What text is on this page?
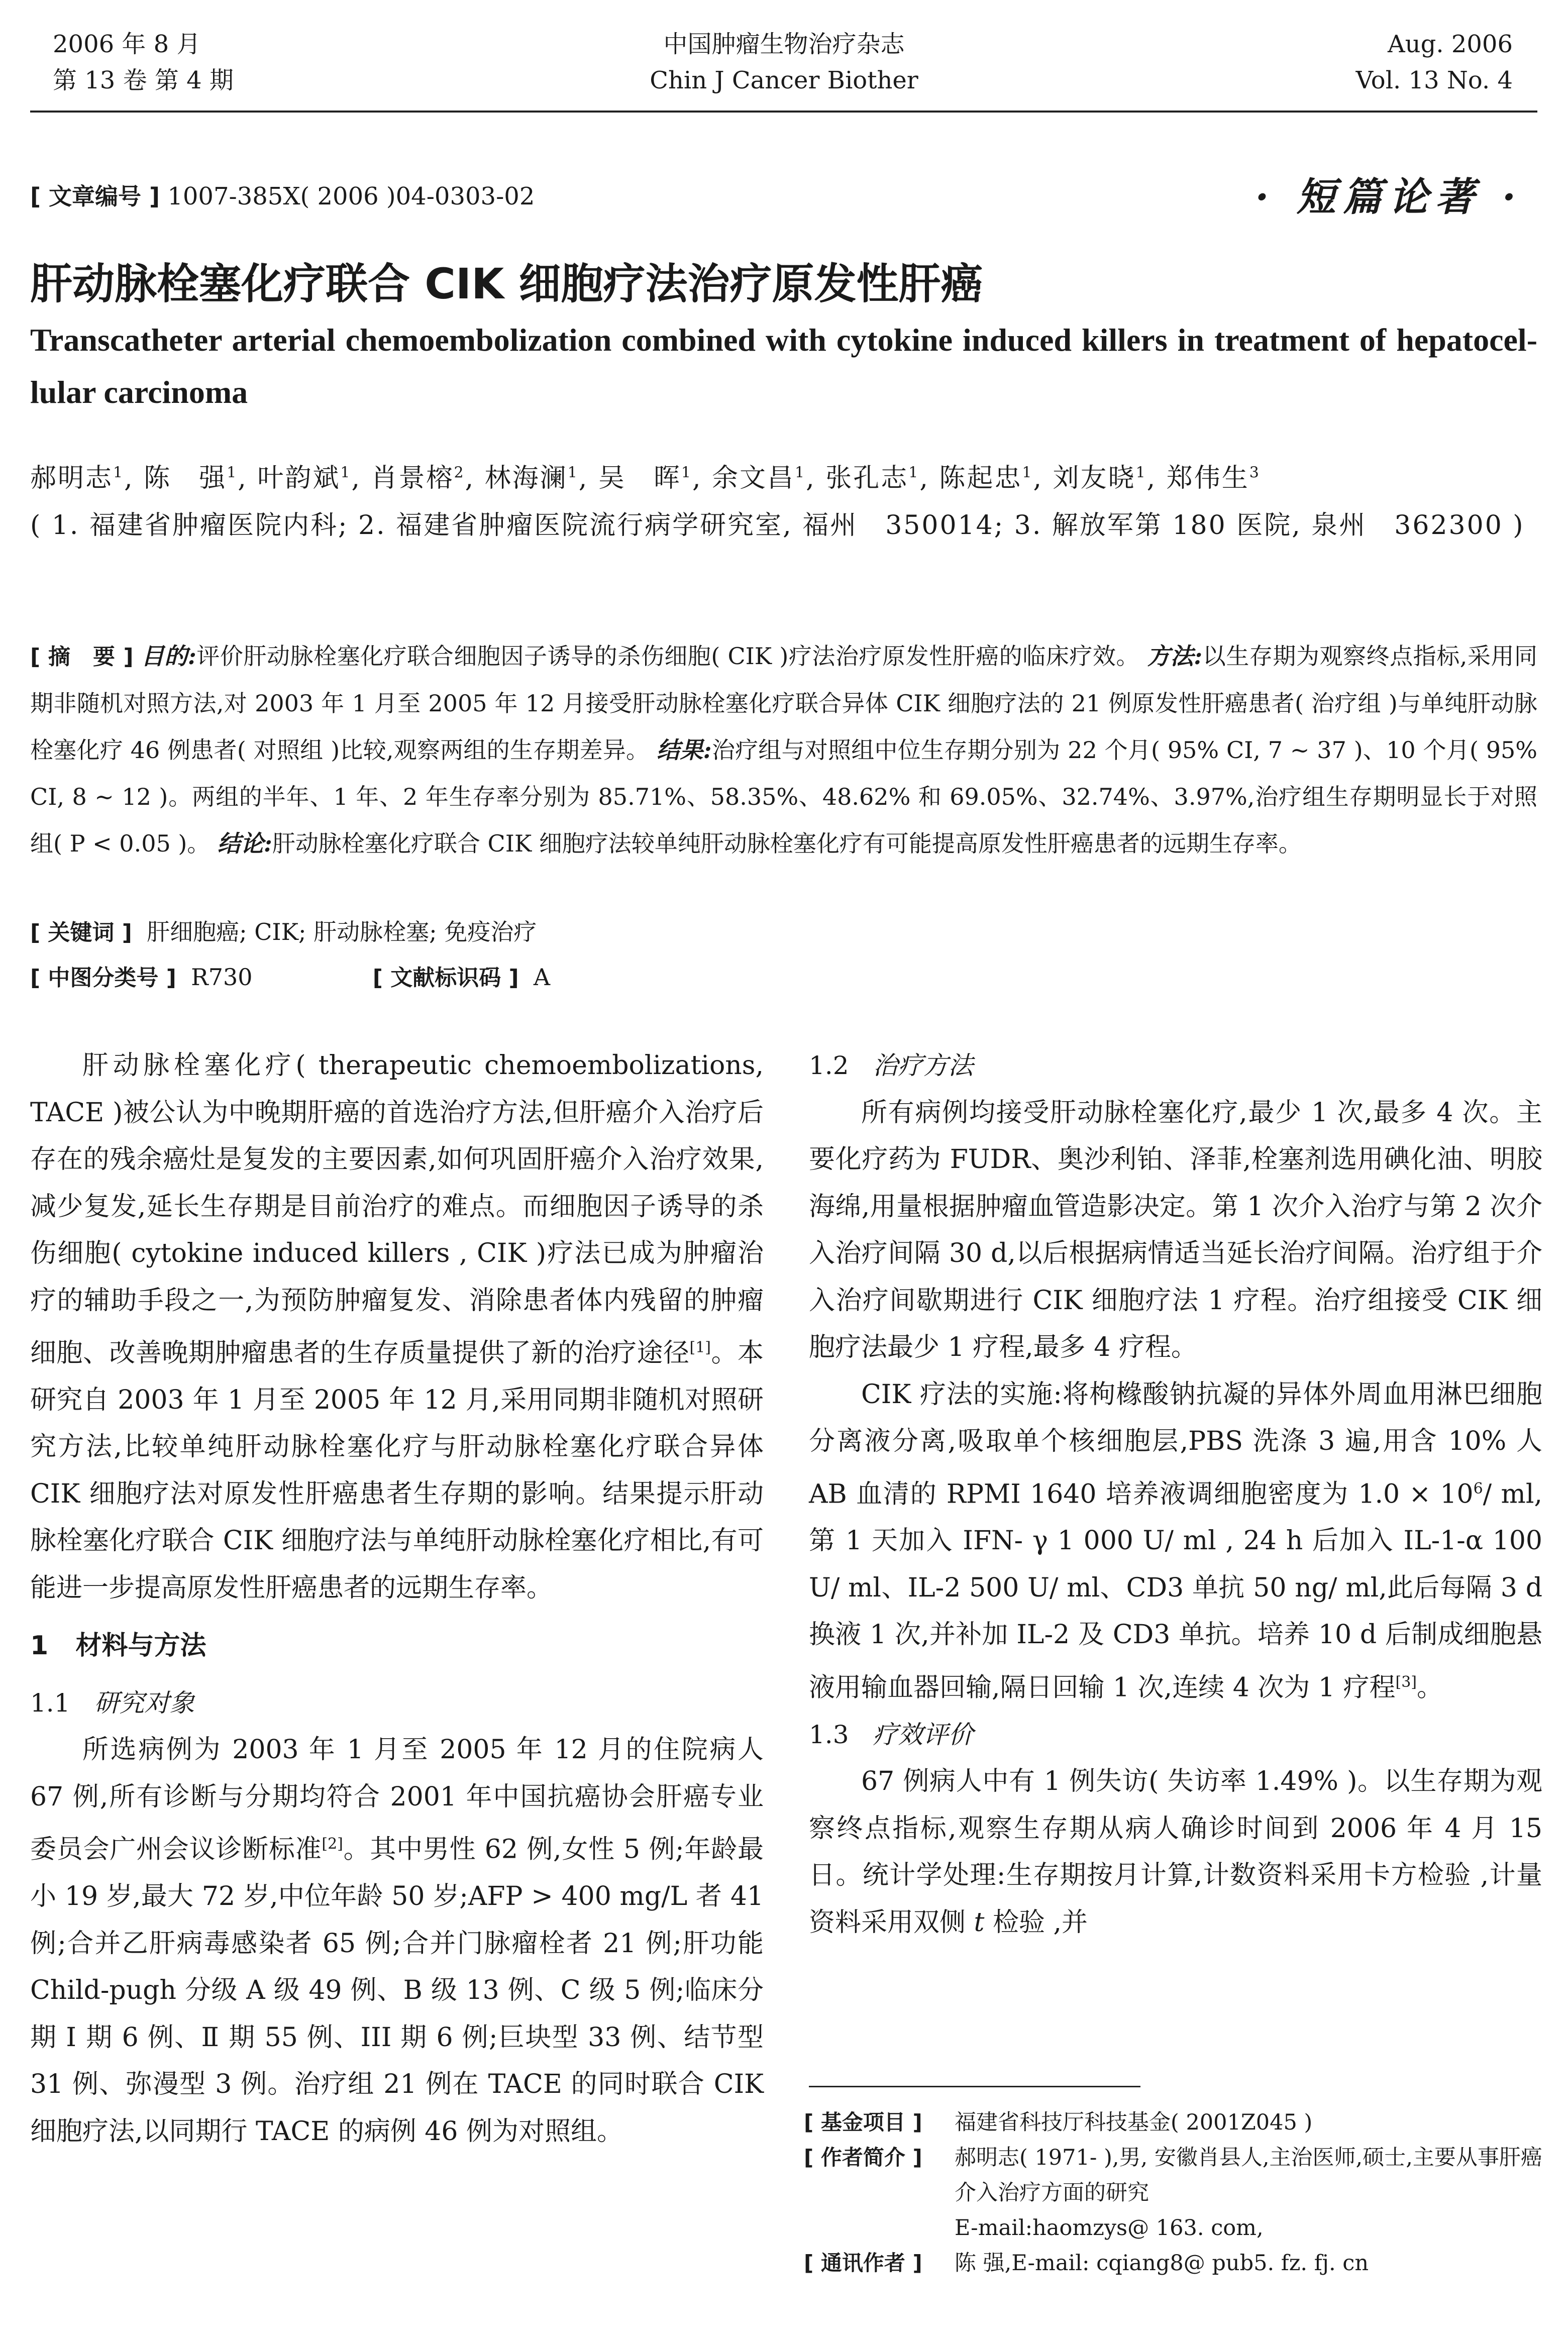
2006 年 8 月
第 13 卷 第 4 期
中国肿瘤生物治疗杂志
Chin J Cancer Biother
Aug. 2006
Vol. 13 No. 4
[ 文章编号 ] 1007-385X( 2006 )04-0303-02	· 短篇论著 ·
肝动脉栓塞化疗联合 CIK 细胞疗法治疗原发性肝癌
Transcatheter arterial chemoembolization combined with cytokine induced killers in treatment of hepatocel-lular carcinoma
郝明志$^1$, 陈　强$^1$, 叶韵斌$^1$, 肖景榕$^2$, 林海澜$^1$, 吴　晖$^1$, 余文昌$^1$, 张孔志$^1$, 陈起忠$^1$, 刘友晓$^1$, 郑伟生$^3$
( 1. 福建省肿瘤医院内科; 2. 福建省肿瘤医院流行病学研究室, 福州　350014; 3. 解放军第 180 医院, 泉州　362300 )
[ 摘　要 ] 目的:评价肝动脉栓塞化疗联合细胞因子诱导的杀伤细胞( CIK )疗法治疗原发性肝癌的临床疗效。 方法:以生存期为观察终点指标,采用同期非随机对照方法,对 2003 年 1 月至 2005 年 12 月接受肝动脉栓塞化疗联合异体 CIK 细胞疗法的 21 例原发性肝癌患者( 治疗组 )与单纯肝动脉栓塞化疗 46 例患者( 对照组 )比较,观察两组的生存期差异。 结果:治疗组与对照组中位生存期分别为 22 个月( 95% CI, 7 ~ 37 )、10 个月( 95% CI, 8 ~ 12 )。两组的半年、1 年、2 年生存率分别为 85.71%、58.35%、48.62% 和 69.05%、32.74%、3.97%,治疗组生存期明显长于对照组( P < 0.05 )。 结论:肝动脉栓塞化疗联合 CIK 细胞疗法较单纯肝动脉栓塞化疗有可能提高原发性肝癌患者的远期生存率。
[ 关键词 ] 肝细胞癌; CIK; 肝动脉栓塞; 免疫治疗
[ 中图分类号 ] R730	[ 文献标识码 ] A

肝动脉栓塞化疗( therapeutic chemoembolizations, TACE )被公认为中晚期肝癌的首选治疗方法,但肝癌介入治疗后存在的残余癌灶是复发的主要因素,如何巩固肝癌介入治疗效果,减少复发,延长生存期是目前治疗的难点。而细胞因子诱导的杀伤细胞( cytokine induced killers , CIK )疗法已成为肿瘤治疗的辅助手段之一,为预防肿瘤复发、消除患者体内残留的肿瘤细胞、改善晚期肿瘤患者的生存质量提供了新的治疗途径[1]。本研究自 2003 年 1 月至 2005 年 12 月,采用同期非随机对照研究方法,比较单纯肝动脉栓塞化疗与肝动脉栓塞化疗联合异体 CIK 细胞疗法对原发性肝癌患者生存期的影响。结果提示肝动脉栓塞化疗联合 CIK 细胞疗法与单纯肝动脉栓塞化疗相比,有可能进一步提高原发性肝癌患者的远期生存率。

1 材料与方法
1.1 研究对象

所选病例为 2003 年 1 月至 2005 年 12 月的住院病人 67 例,所有诊断与分期均符合 2001 年中国抗癌协会肝癌专业委员会广州会议诊断标准[2]。其中男性 62 例,女性 5 例;年龄最小 19 岁,最大 72 岁,中位年龄 50 岁;AFP > 400 mg/L 者 41 例;合并乙肝病毒感染者 65 例;合并门脉瘤栓者 21 例;肝功能 Child-pugh 分级 A 级 49 例、B 级 13 例、C 级 5 例;临床分期 Ⅰ 期 6 例、Ⅱ 期 55 例、III 期 6 例;巨块型 33 例、结节型 31 例、弥漫型 3 例。治疗组 21 例在 TACE 的同时联合 CIK 细胞疗法,以同期行 TACE 的病例 46 例为对照组。

1.2 治疗方法

所有病例均接受肝动脉栓塞化疗,最少 1 次,最多 4 次。主要化疗药为 FUDR、奥沙利铂、泽菲,栓塞剂选用碘化油、明胶海绵,用量根据肿瘤血管造影决定。第 1 次介入治疗与第 2 次介入治疗间隔 30 d,以后根据病情适当延长治疗间隔。治疗组于介入治疗间歇期进行 CIK 细胞疗法 1 疗程。治疗组接受 CIK 细胞疗法最少 1 疗程,最多 4 疗程。

CIK 疗法的实施:将枸橼酸钠抗凝的异体外周血用淋巴细胞分离液分离,吸取单个核细胞层,PBS 洗涤 3 遍,用含 10% 人 AB 血清的 RPMI 1640 培养液调细胞密度为 $1.0 \times 10^6/$ ml,第 1 天加入 IFN- γ 1 000 U/ ml , 24 h 后加入 IL-1-α 100 U/ ml、IL-2 500 U/ ml、CD3 单抗 50 ng/ ml,此后每隔 3 d 换液 1 次,并补加 IL-2 及 CD3 单抗。培养 10 d 后制成细胞悬液用输血器回输,隔日回输 1 次,连续 4 次为 1 疗程[3]。

1.3 疗效评价

67 例病人中有 1 例失访( 失访率 1.49% )。以生存期为观察终点指标,观察生存期从病人确诊时间到 2006 年 4 月 15 日。统计学处理:生存期按月计算,计数资料采用卡方检验 ,计量资料采用双侧 t 检验 ,并

[ 基金项目 ]	福建省科技厅科技基金( 2001Z045 )
[ 作者简介 ]	郝明志( 1971- ),男, 安徽肖县人,主治医师,硕士,主要从事肝癌介入治疗方面的研究
E-mail:haomzys@ 163. com,
[ 通讯作者 ]	陈 强,E-mail: cqiang8@ pub5. fz. fj. cn
